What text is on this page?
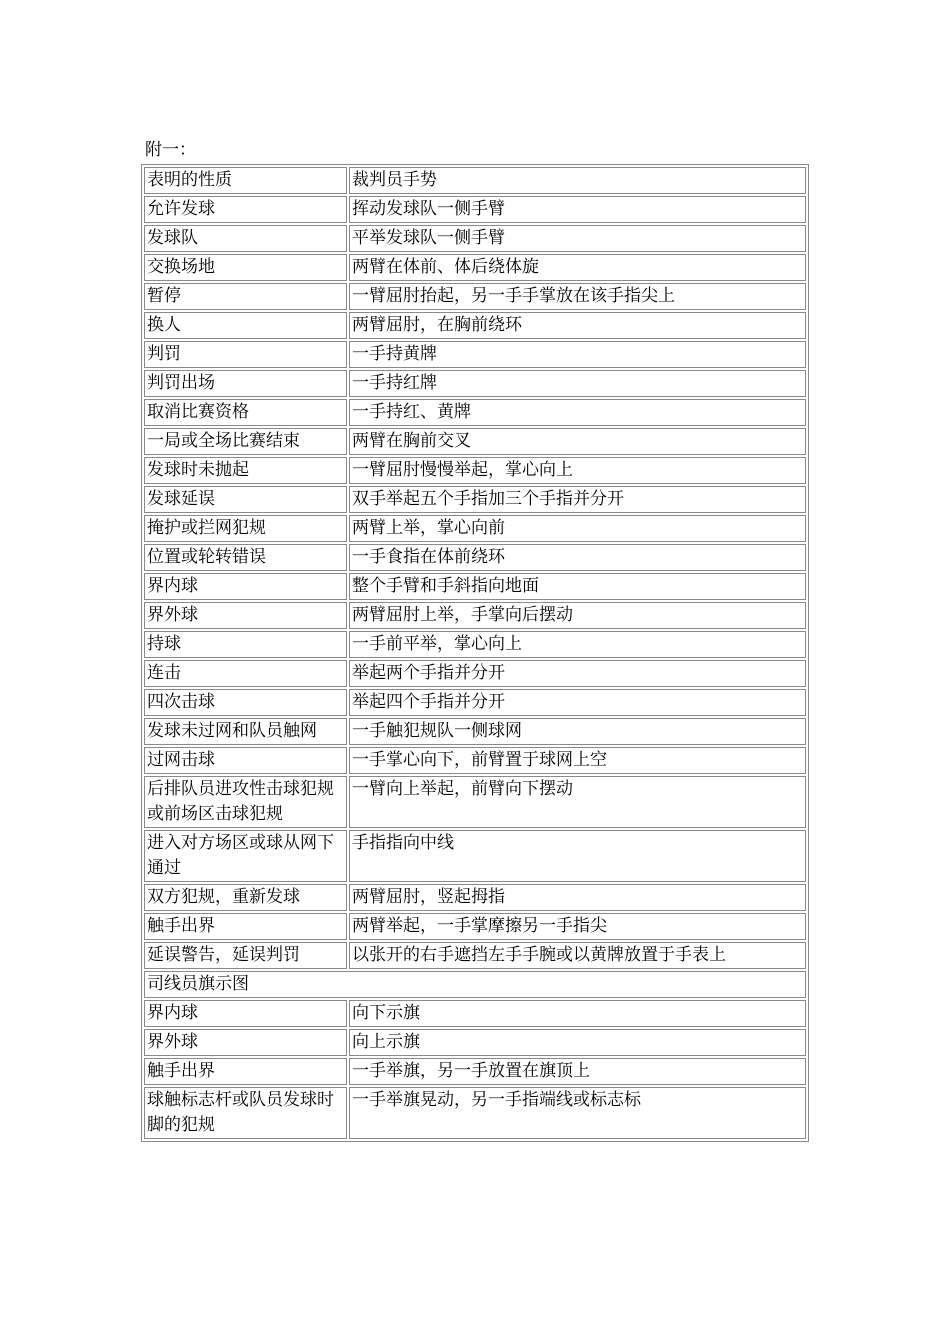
附一：
表明的性质	裁判员手势
允许发球	挥动发球队一侧手臂
发球队	平举发球队一侧手臂
交换场地	两臂在体前、体后绕体旋
暂停	一臂屈肘抬起，另一手手掌放在该手指尖上
换人	两臂屈肘，在胸前绕环
判罚	一手持黄牌
判罚出场	一手持红牌
取消比赛资格	一手持红、黄牌
一局或全场比赛结束	两臂在胸前交叉
发球时未抛起	一臂屈肘慢慢举起，掌心向上
发球延误	双手举起五个手指加三个手指并分开
掩护或拦网犯规	两臂上举，掌心向前
位置或轮转错误	一手食指在体前绕环
界内球	整个手臂和手斜指向地面
界外球	两臂屈肘上举，手掌向后摆动
持球	一手前平举，掌心向上
连击	举起两个手指并分开
四次击球	举起四个手指并分开
发球未过网和队员触网	一手触犯规队一侧球网
过网击球	一手掌心向下，前臂置于球网上空
后排队员进攻性击球犯规或前场区击球犯规	一臂向上举起，前臂向下摆动
进入对方场区或球从网下通过	手指指向中线
双方犯规，重新发球	两臂屈肘，竖起拇指
触手出界	两臂举起，一手掌摩擦另一手指尖
延误警告，延误判罚	以张开的右手遮挡左手手腕或以黄牌放置于手表上
司线员旗示图	
界内球	向下示旗
界外球	向上示旗
触手出界	一手举旗，另一手放置在旗顶上
球触标志杆或队员发球时脚的犯规	一手举旗晃动，另一手指端线或标志标
